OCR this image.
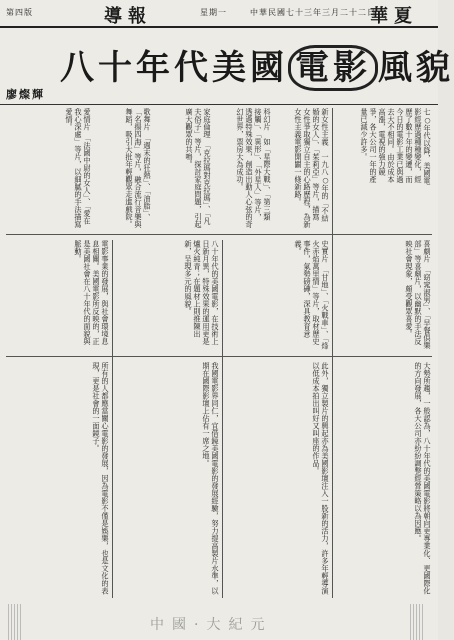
第四版	導報	星期一	中華民國七十三年三月二十二日
華夏
八十年代美國 電影 風貌
廖燦輝
七○年代以降，美國電影經歷過種種變化，經歷了數十年的變遷，而今日的電影工業已與過去大不相同。由於成本高漲，電視的強力競爭，各大公司一年的產量已減少許多。
新女性主義　一九八○年的「不結婚的女人」、「茱莉亞」等片，描寫女性爭取獨立自主的心路歷程，為新女性主義電影開闢一條新路。
科幻片　如「星際大戰」、「第三類接觸」、「異形」、「外星人」等片，透過特殊效果，創造出動人心弦的奇幻世界，票房大為成功。
家庭倫理　「克拉瑪對克拉瑪」、「凡夫俗子」等片，探討家庭問題，引起廣大觀眾的共鳴。
歌舞片　「週末的狂熱」、「油脂」、「名揚四海」等片，融合流行音樂與舞蹈，吸引大批年輕觀眾走進戲院。
愛情片　「法國中尉的女人」、「愛在我心深處」等片，以細膩的手法描寫愛情。
喜劇片　「窈窕淑男」、「早餐俱樂部」等喜劇片，以幽默的手法反映社會現象，頗受觀眾喜愛。
史實片　「甘地」、「火戰車」、「烽火赤焰萬里情」等片，取材歷史事件，氣勢磅礡，深具教育意義。
八十年代的美國電影，在技術上日新月異，特殊效果的運用更是爐火純青；在題材上則推陳出新，呈現多元的風貌。
電影事業的發展，與社會環境息息相關。美國電影所反映的，正是美國社會在八十年代的面貌與脈動。
大勢所趨，一般認為，八十年代的美國電影將朝向更專業化、更國際化的方向發展，各大公司亦紛紛調整經營策略以為因應。
此外，獨立製片的興起亦為美國影壇注入一股新的活力，許多年輕導演以低成本拍出叫好又叫座的作品。
我國電影界同仁，宜借鏡美國電影的發展經驗，努力提高製片水準，以期在國際影壇上佔有一席之地。
所有的人都應當關心電影的發展，因為電影不僅是娛樂，也是文化的表現，更是社會的一面鏡子。
中國·大紀元
